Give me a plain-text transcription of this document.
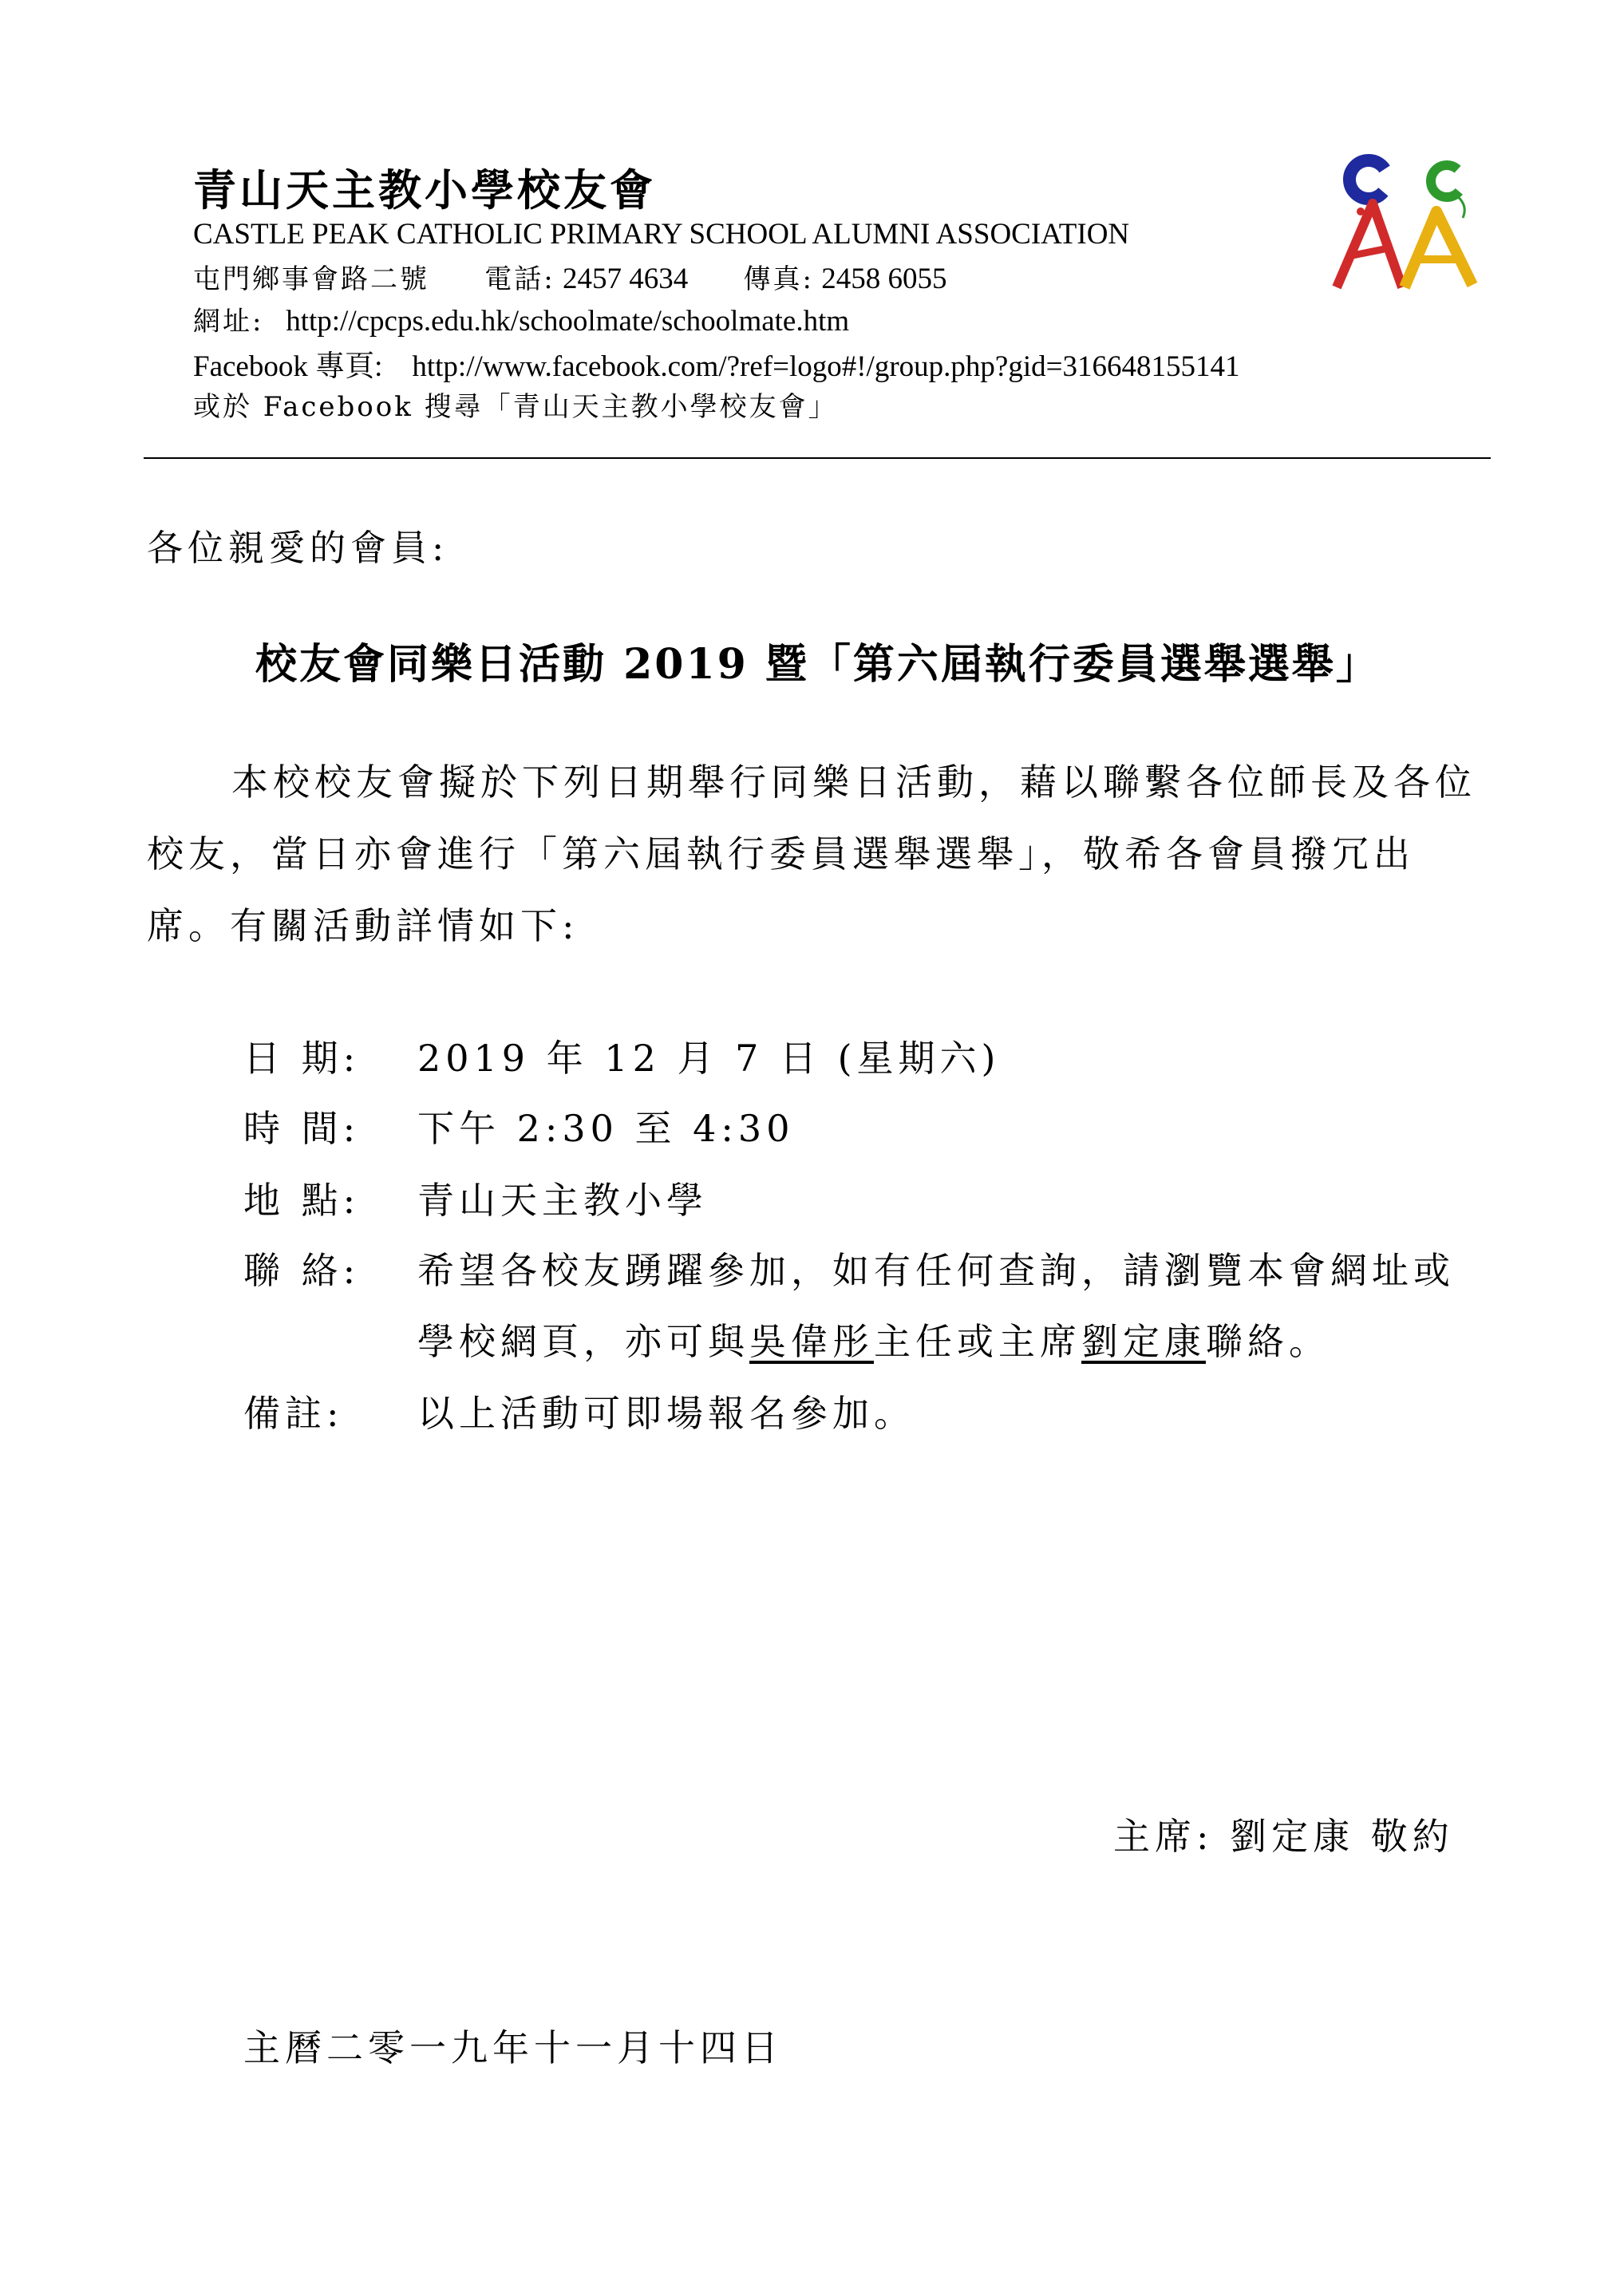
青山天主教小學校友會
CASTLE PEAK CATHOLIC PRIMARY SCHOOL ALUMNI ASSOCIATION
屯門鄉事會路二號 電話: 2457 4634 傳真: 2458 6055
網址: http://cpcps.edu.hk/schoolmate/schoolmate.htm
Facebook 專頁: http://www.facebook.com/?ref=logo#!/group.php?gid=316648155141
或於 Facebook 搜尋「青山天主教小學校友會」
各位親愛的會員:
校友會同樂日活動 2019 暨「第六屆執行委員選舉選舉」
本校校友會擬於下列日期舉行同樂日活動，藉以聯繫各位師長及各位校友，當日亦會進行「第六屆執行委員選舉選舉」，敬希各會員撥冗出席。有關活動詳情如下:
日 期: 2019 年 12 月 7 日 (星期六)
時 間: 下午 2:30 至 4:30
地 點: 青山天主教小學
聯 絡: 希望各校友踴躍參加，如有任何查詢，請瀏覽本會網址或
學校網頁，亦可與吳偉彤主任或主席劉定康聯絡。
備註: 以上活動可即場報名參加。
主席: 劉定康 敬約
主曆二零一九年十一月十四日
